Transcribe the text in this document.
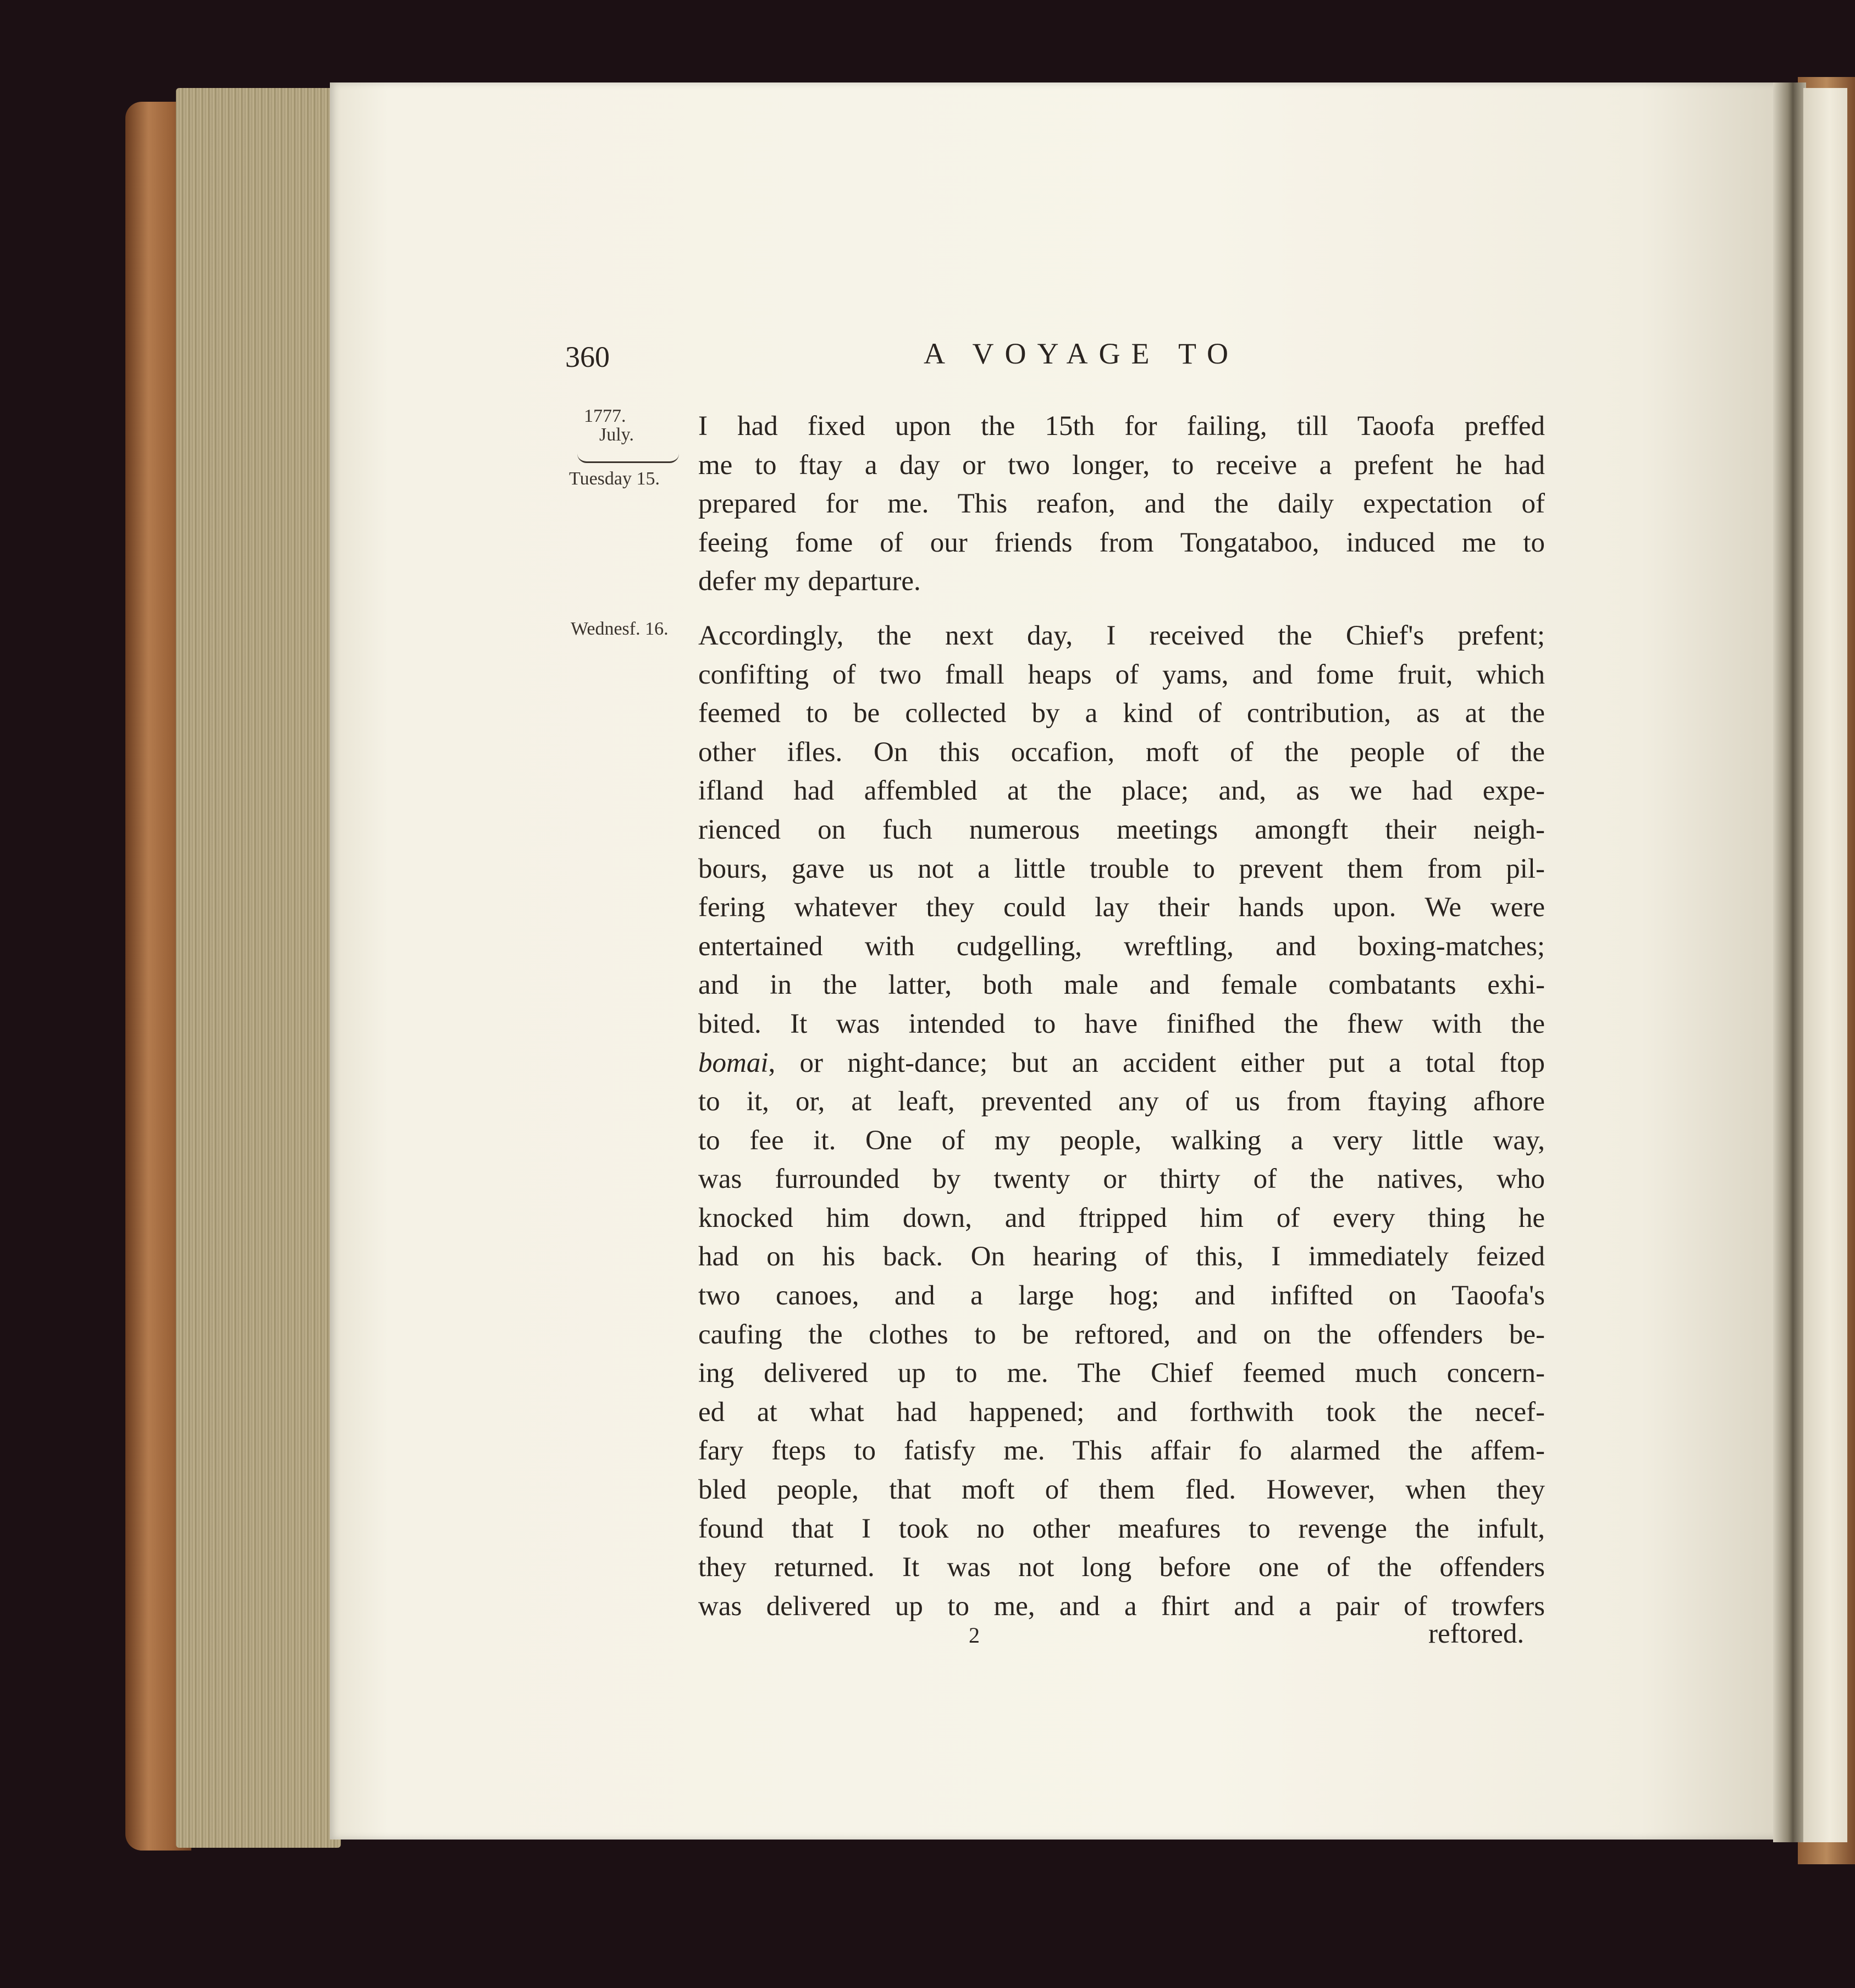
360	A VOYAGE TO
1777.
July.
Tuesday 15.
Wednesf. 16.

I had fixed upon the 15th for failing, till Taoofa preffed
me to ftay a day or two longer, to receive a prefent he had
prepared for me. This reafon, and the daily expectation of
feeing fome of our friends from Tongataboo, induced me to
defer my departure.

Accordingly, the next day, I received the Chief's prefent;
confifting of two fmall heaps of yams, and fome fruit, which
feemed to be collected by a kind of contribution, as at the
other ifles. On this occafion, moft of the people of the
ifland had affembled at the place; and, as we had expe-
rienced on fuch numerous meetings amongft their neigh-
bours, gave us not a little trouble to prevent them from pil-
fering whatever they could lay their hands upon. We were
entertained with cudgelling, wreftling, and boxing-matches;
and in the latter, both male and female combatants exhi-
bited. It was intended to have finifhed the fhew with the
bomai, or night-dance; but an accident either put a total ftop
to it, or, at leaft, prevented any of us from ftaying afhore
to fee it. One of my people, walking a very little way,
was furrounded by twenty or thirty of the natives, who
knocked him down, and ftripped him of every thing he
had on his back. On hearing of this, I immediately feized
two canoes, and a large hog; and infifted on Taoofa's
caufing the clothes to be reftored, and on the offenders be-
ing delivered up to me. The Chief feemed much concern-
ed at what had happened; and forthwith took the necef-
fary fteps to fatisfy me. This affair fo alarmed the affem-
bled people, that moft of them fled. However, when they
found that I took no other meafures to revenge the infult,
they returned. It was not long before one of the offenders
was delivered up to me, and a fhirt and a pair of trowfers

2	reftored.
